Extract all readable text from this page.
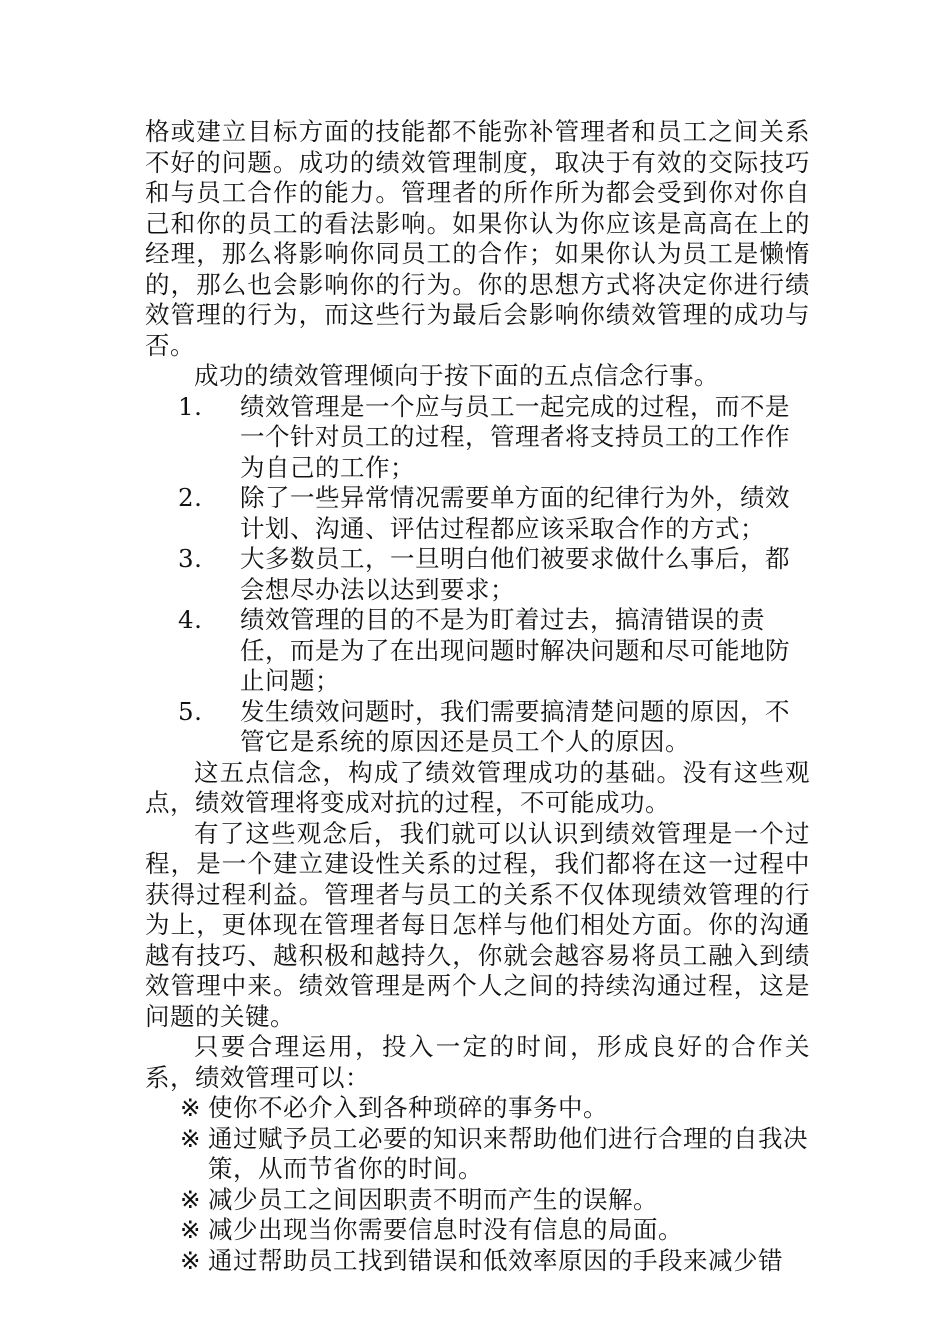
格或建立目标方面的技能都不能弥补管理者和员工之间关系不好的问题。成功的绩效管理制度，取决于有效的交际技巧和与员工合作的能力。管理者的所作所为都会受到你对你自己和你的员工的看法影响。如果你认为你应该是高高在上的经理，那么将影响你同员工的合作；如果你认为员工是懒惰的，那么也会影响你的行为。你的思想方式将决定你进行绩效管理的行为，而这些行为最后会影响你绩效管理的成功与否。

成功的绩效管理倾向于按下面的五点信念行事。

1. 绩效管理是一个应与员工一起完成的过程，而不是一个针对员工的过程，管理者将支持员工的工作作为自己的工作；
2. 除了一些异常情况需要单方面的纪律行为外，绩效计划、沟通、评估过程都应该采取合作的方式；
3. 大多数员工，一旦明白他们被要求做什么事后，都会想尽办法以达到要求；
4. 绩效管理的目的不是为盯着过去，搞清错误的责任，而是为了在出现问题时解决问题和尽可能地防止问题；
5. 发生绩效问题时，我们需要搞清楚问题的原因，不管它是系统的原因还是员工个人的原因。

这五点信念，构成了绩效管理成功的基础。没有这些观点，绩效管理将变成对抗的过程，不可能成功。

有了这些观念后，我们就可以认识到绩效管理是一个过程，是一个建立建设性关系的过程，我们都将在这一过程中获得过程利益。管理者与员工的关系不仅体现绩效管理的行为上，更体现在管理者每日怎样与他们相处方面。你的沟通越有技巧、越积极和越持久，你就会越容易将员工融入到绩效管理中来。绩效管理是两个人之间的持续沟通过程，这是问题的关键。

只要合理运用，投入一定的时间，形成良好的合作关系，绩效管理可以：

※ 使你不必介入到各种琐碎的事务中。
※ 通过赋予员工必要的知识来帮助他们进行合理的自我决策，从而节省你的时间。
※ 减少员工之间因职责不明而产生的误解。
※ 减少出现当你需要信息时没有信息的局面。
※ 通过帮助员工找到错误和低效率原因的手段来减少错
